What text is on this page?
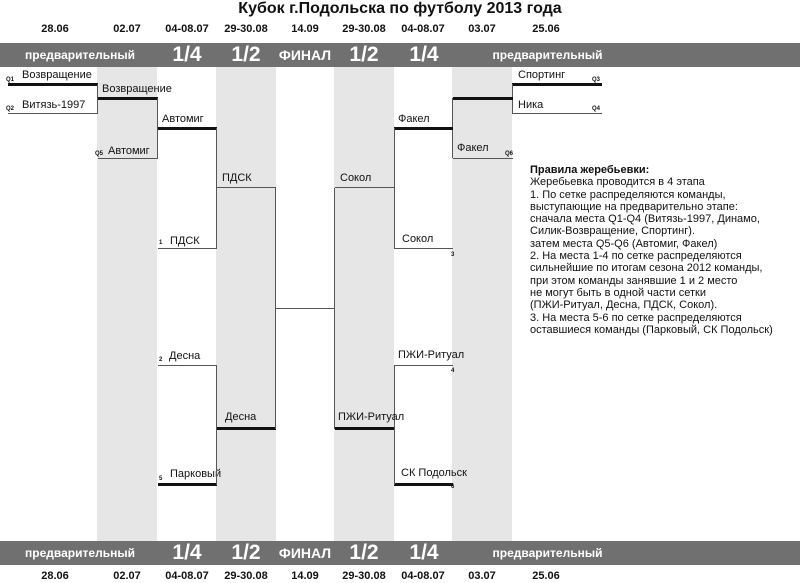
Кубок г.Подольска по футболу 2013 года
28.06	02.07	04-08.07	29-30.08	14.09	29-30.08	04-08.07	03.07	25.06
предварительный	1/4	1/2	ФИНАЛ 1/2	1/4	предварительный
предварительный	1/4	1/2	ФИНАЛ 1/2	1/4	предварительный
28.06	02.07	04-08.07	29-30.08	14.09	29-30.08	04-08.07	03.07	25.06
Q1 Возвращение
Q2 Витязь-1997
Возвращение
Q5 Автомиг
Автомиг
1 ПДСК
ПДСК
2 Десна
5 Парковый
Десна
Q3
Спортинг
Q4
Ника
Q6
Факел
Факел
3
Сокол
Сокол
4
ПЖИ-Ритуал
6
СК Подольск
ПЖИ-Ритуал
Правила жеребьевки:
Жеребьевка проводится в 4 этапа
1. По сетке распределяются команды,
выступающие на предварительно этапе:
сначала места Q1-Q4 (Витязь-1997, Динамо,
Силик-Возвращение, Спортинг).
затем места Q5-Q6 (Автомиг, Факел)
2. На места 1-4 по сетке распределяются
сильнейшие по итогам сезона 2012 команды,
при этом команды занявшие 1 и 2 место
не могут быть в одной части сетки
(ПЖИ-Ритуал, Десна, ПДСК, Сокол).
3. На места 5-6 по сетке распределяются
оставшиеся команды (Парковый, СК Подольск)
